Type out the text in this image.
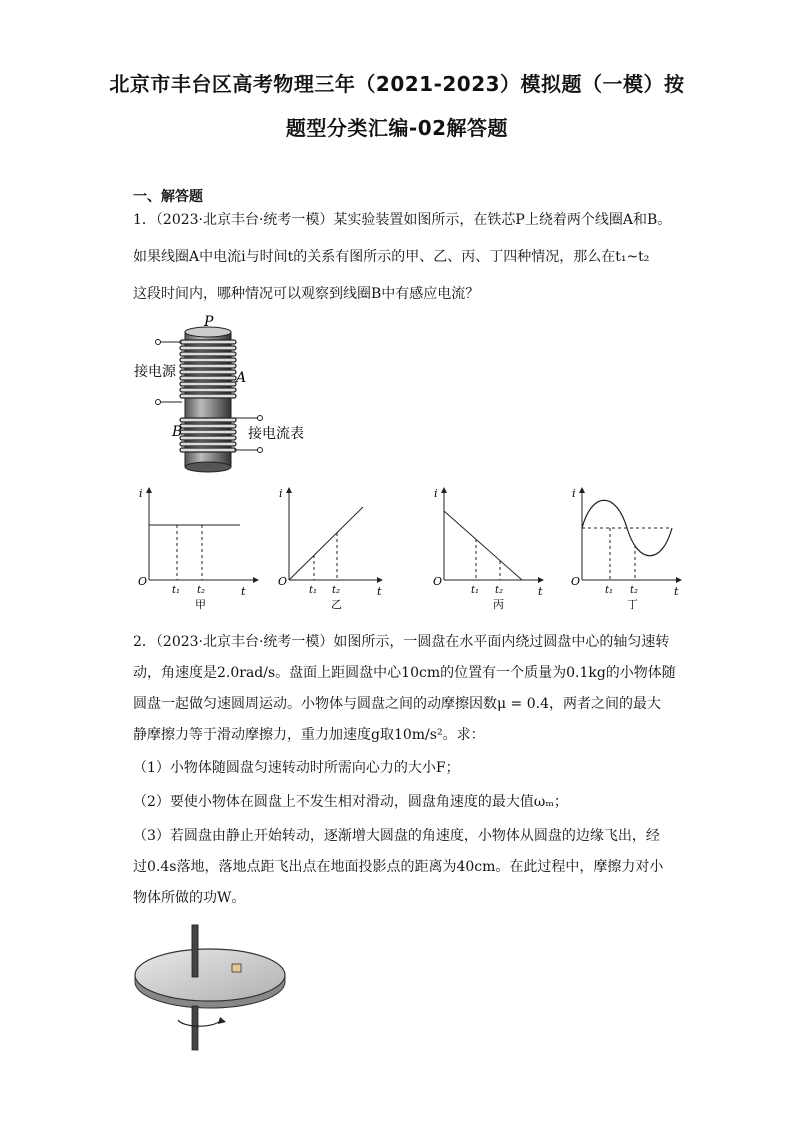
北京市丰台区高考物理三年（2021-2023）模拟题（一模）按
题型分类汇编-02解答题
一、解答题
1．（2023·北京丰台·统考一模）某实验装置如图所示，在铁芯P上绕着两个线圈A和B。
如果线圈A中电流i与时间t的关系有图所示的甲、乙、丙、丁四种情况，那么在t₁~t₂
这段时间内，哪种情况可以观察到线圈B中有感应电流？
P
A
B
接电源
接电流表
i
O
t
t₁ t₂
甲
i
O
t
t₁ t₂
乙
i
O
t
t₁ t₂
丙
i
O
t
t₁ t₂
丁
2．（2023·北京丰台·统考一模）如图所示，一圆盘在水平面内绕过圆盘中心的轴匀速转
动，角速度是2.0rad/s。盘面上距圆盘中心10cm的位置有一个质量为0.1kg的小物体随
圆盘一起做匀速圆周运动。小物体与圆盘之间的动摩擦因数μ = 0.4，两者之间的最大
静摩擦力等于滑动摩擦力，重力加速度g取10m/s²。求：
（1）小物体随圆盘匀速转动时所需向心力的大小F；
（2）要使小物体在圆盘上不发生相对滑动，圆盘角速度的最大值ωₘ；
（3）若圆盘由静止开始转动，逐渐增大圆盘的角速度，小物体从圆盘的边缘飞出，经
过0.4s落地，落地点距飞出点在地面投影点的距离为40cm。在此过程中，摩擦力对小
物体所做的功W。
